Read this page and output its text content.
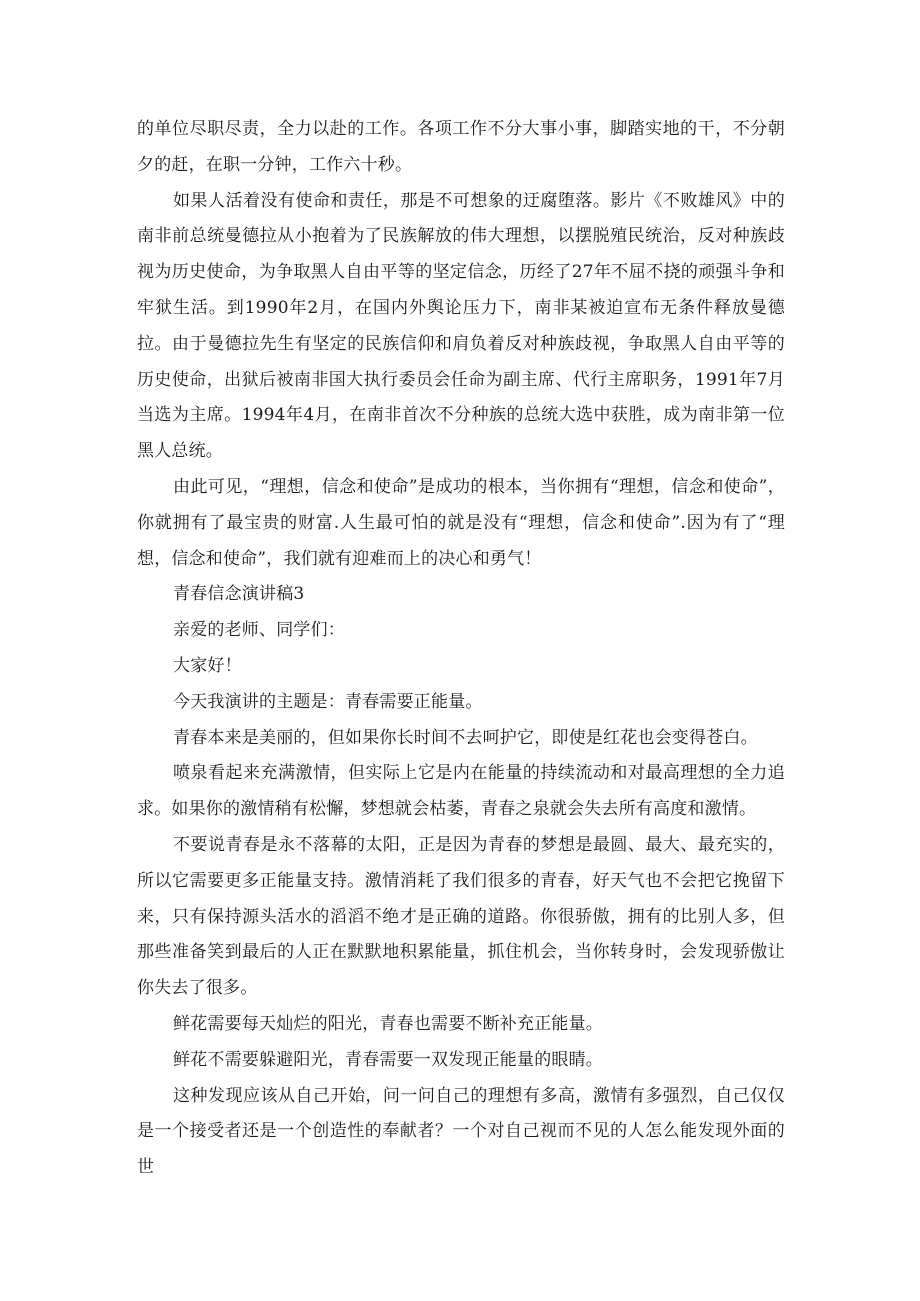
的单位尽职尽责，全力以赴的工作。各项工作不分大事小事，脚踏实地的干，不分朝夕的赶，在职一分钟，工作六十秒。

如果人活着没有使命和责任，那是不可想象的迂腐堕落。影片《不败雄风》中的南非前总统曼德拉从小抱着为了民族解放的伟大理想，以摆脱殖民统治，反对种族歧视为历史使命，为争取黑人自由平等的坚定信念，历经了27年不屈不挠的顽强斗争和牢狱生活。到1990年2月，在国内外舆论压力下，南非某被迫宣布无条件释放曼德拉。由于曼德拉先生有坚定的民族信仰和肩负着反对种族歧视，争取黑人自由平等的历史使命，出狱后被南非国大执行委员会任命为副主席、代行主席职务，1991年7月当选为主席。1994年4月，在南非首次不分种族的总统大选中获胜，成为南非第一位黑人总统。

由此可见，“理想，信念和使命”是成功的根本，当你拥有“理想，信念和使命”，你就拥有了最宝贵的财富.人生最可怕的就是没有“理想，信念和使命”.因为有了“理想，信念和使命”，我们就有迎难而上的决心和勇气！

青春信念演讲稿3

亲爱的老师、同学们：

大家好！

今天我演讲的主题是：青春需要正能量。

青春本来是美丽的，但如果你长时间不去呵护它，即使是红花也会变得苍白。

喷泉看起来充满激情，但实际上它是内在能量的持续流动和对最高理想的全力追求。如果你的激情稍有松懈，梦想就会枯萎，青春之泉就会失去所有高度和激情。

不要说青春是永不落幕的太阳，正是因为青春的梦想是最圆、最大、最充实的，所以它需要更多正能量支持。激情消耗了我们很多的青春，好天气也不会把它挽留下来，只有保持源头活水的滔滔不绝才是正确的道路。你很骄傲，拥有的比别人多，但那些准备笑到最后的人正在默默地积累能量，抓住机会，当你转身时，会发现骄傲让你失去了很多。

鲜花需要每天灿烂的阳光，青春也需要不断补充正能量。

鲜花不需要躲避阳光，青春需要一双发现正能量的眼睛。

这种发现应该从自己开始，问一问自己的理想有多高，激情有多强烈，自己仅仅是一个接受者还是一个创造性的奉献者？一个对自己视而不见的人怎么能发现外面的世
